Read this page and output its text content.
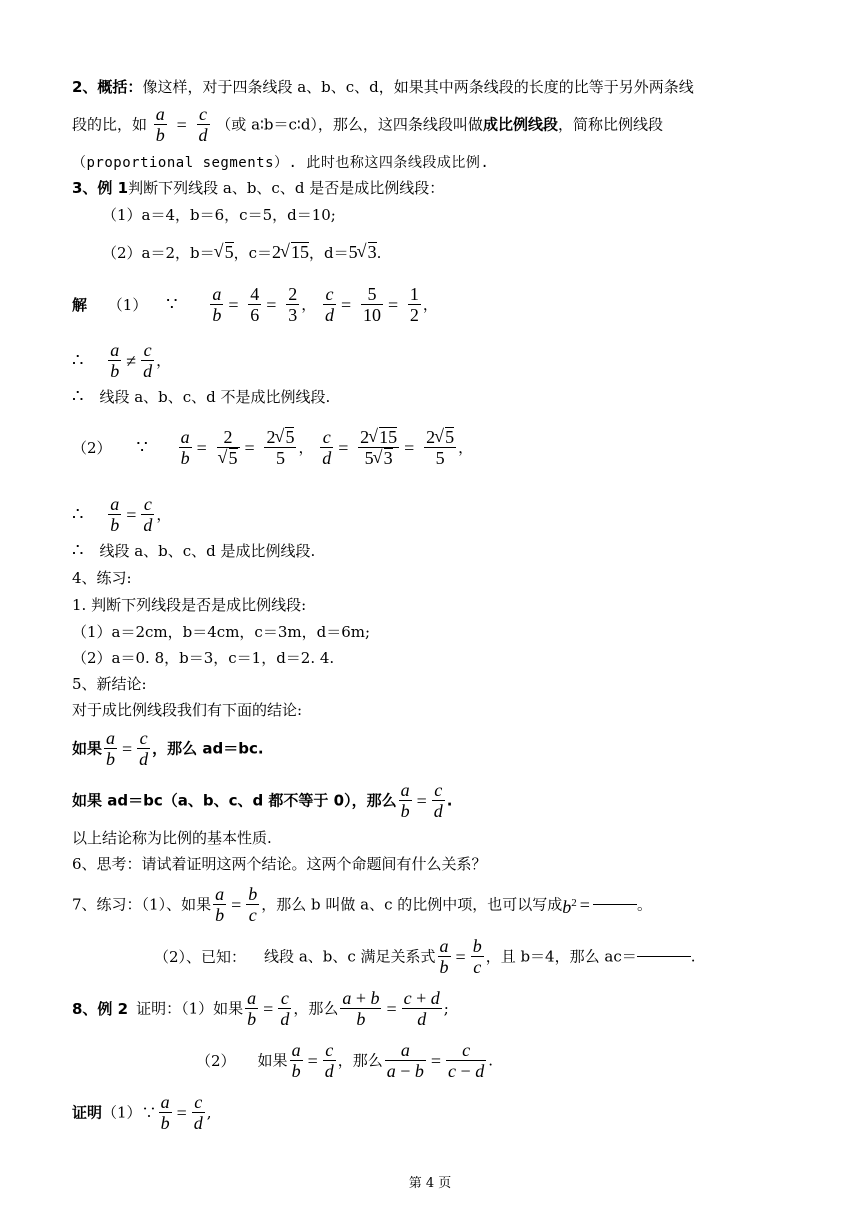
2、概括：像这样，对于四条线段 a、b、c、d，如果其中两条线段的长度的比等于另外两条线
段的比，如 $\frac{a}{b} = \frac{c}{d}$ （或 a∶b＝c∶d），那么，这四条线段叫做成比例线段，简称比例线段
（proportional segments）. 此时也称这四条线段成比例.
3、例 1判断下列线段 a、b、c、d 是否是成比例线段：
（1）a＝4，b＝6，c＝5，d＝10;
（2）a＝2，b＝ √ 5，c＝2 √ 15，d＝5 √ 3.
解 （1） ∵ $\frac{a}{b} = \frac{4}{6} = \frac{2}{3}$ ， $\frac{c}{d} = \frac{5}{10} = \frac{1}{2}$ ，
∴ $\frac{a}{b} \ne \frac{c}{d}$ ，
∴ 线段 a、b、c、d 不是成比例线段.
（2） ∵ $\frac{a}{b} = 2$
√ $5 = \frac{2 √ 5}{5}$ ， $\frac{c}{d} = \frac{2 √ 15}{5 √ 3} = \frac{2 √ 5}{5}$ ，
∴ $\frac{a}{b} = \frac{c}{d}$ ，
∴ 线段 a、b、c、d 是成比例线段.
4、练习:
1. 判断下列线段是否是成比例线段:
（1）a＝2cm，b＝4cm，c＝3m，d＝6m;
（2）a＝0. 8，b＝3，c＝1，d＝2. 4.
5、新结论:
对于成比例线段我们有下面的结论:
如果 $\frac{a}{b} = \frac{c}{d}$ ，那么 ad＝bc.
如果 ad＝bc（a、b、c、d 都不等于 0），那么 $\frac{a}{b} = \frac{c}{d}$ .
以上结论称为比例的基本性质.
6、思考：请试着证明这两个结论。这两个命题间有什么关系？
7、练习：（1）、如果 $\frac{a}{b} = \frac{b}{c}$ ，那么 b 叫做 a、c 的比例中项，也可以写成$b^2$ =	。
（2）、已知： 线段 a、b、c 满足关系式 $\frac{a}{b} = \frac{b}{c}$ ，且 b＝4，那么 ac＝	.
8、例 2 证明：（1）如果 $\frac{a}{b} = \frac{c}{d}$ ，那么 $\frac{a + b}{b} = \frac{c + d}{d}$ ;
（2） 如果 $\frac{a}{b} = \frac{c}{d}$ ，那么 $\frac{a}{a - b} = \frac{c}{c - d}$ .
证明（1）∵ $\frac{a}{b} = \frac{c}{d}$ ,
第 4 页
